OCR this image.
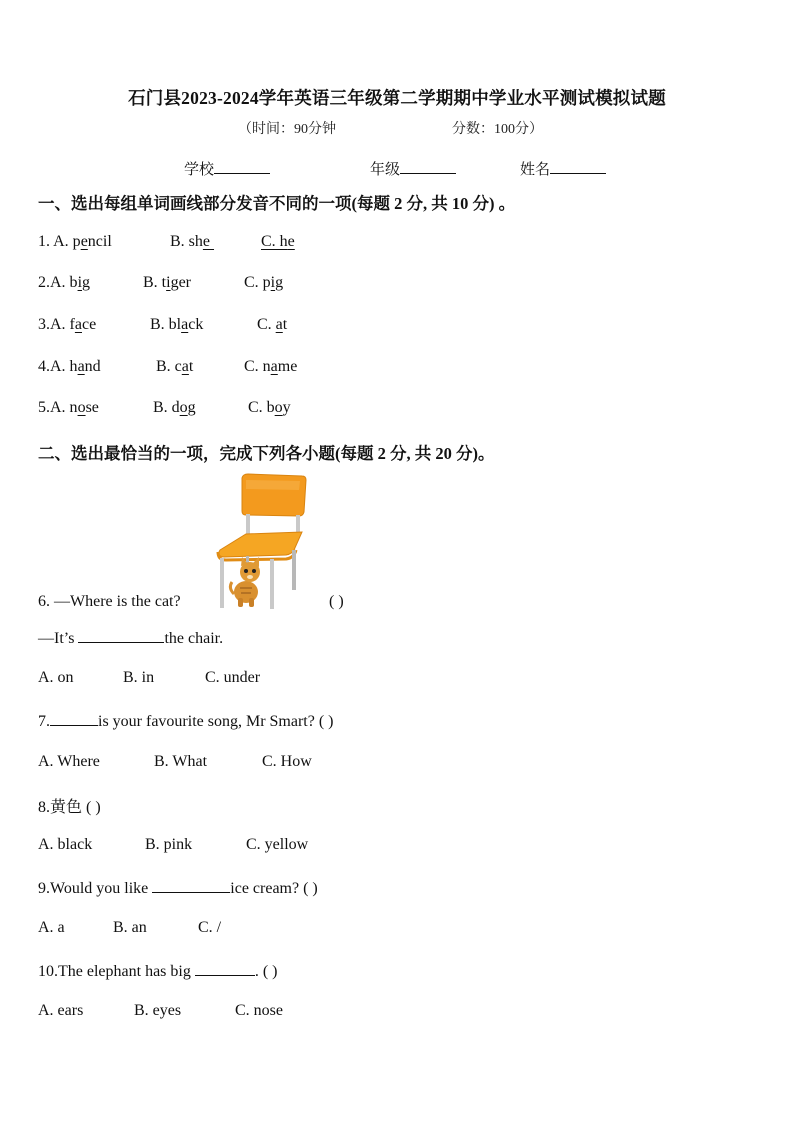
石门县2023-2024学年英语三年级第二学期期中学业水平测试模拟试题
（时间：90分钟	分数：100分）
学校	年级	姓名
一、选出每组单词画线部分发音不同的一项(每题 2 分, 共 10 分) 。
1. A. pencil	B. she	C. he
2.A. big	B. tiger	C. pig
3.A. face	B. black	C. at
4.A. hand	B. cat	C. name
5.A. nose	B. dog	C. boy
二、选出最恰当的一项，完成下列各小题(每题 2 分, 共 20 分)。
6. —Where is the cat?	( )
—It’s	the chair.
A. on	B. in	C. under
7.	is your favourite song, Mr Smart? ( )
A. Where	B. What	C. How
8.黄色 ( )
A. black	B. pink	C. yellow
9.Would you like	ice cream? ( )
A. a	B. an	C. /
10.The elephant has big	. ( )
A. ears	B. eyes	C. nose
